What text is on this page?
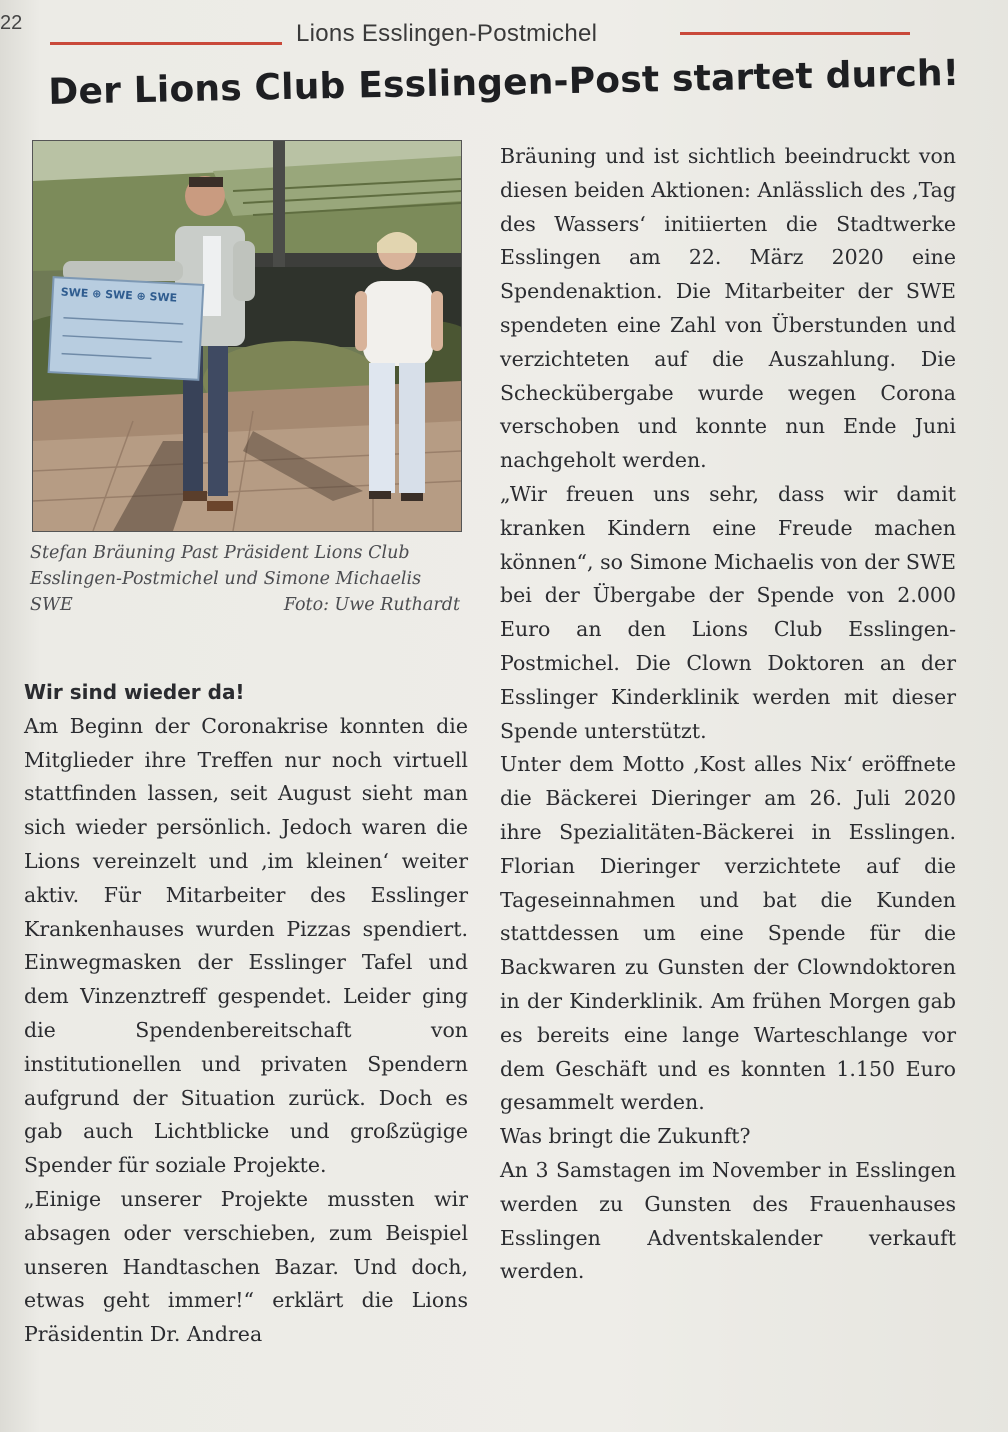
22	Lions Esslingen-Postmichel
Der Lions Club Esslingen-Post startet durch!
SWE ⊕ SWE ⊕ SWE
Stefan Bräuning Past Präsident Lions Club Esslingen-Postmichel und Simone Michaelis SWE	Foto: Uwe Ruthardt

Wir sind wieder da!

Am Beginn der Coronakrise konnten die Mitglieder ihre Treffen nur noch virtuell stattfinden lassen, seit August sieht man sich wieder persönlich. Jedoch waren die Lions vereinzelt und ‚im kleinen‘ weiter aktiv. Für Mitarbeiter des Esslinger Krankenhauses wurden Pizzas spendiert. Einwegmasken der Esslinger Tafel und dem Vinzenztreff gespendet. Leider ging die Spendenbereitschaft von institutionellen und privaten Spendern aufgrund der Situation zurück. Doch es gab auch Lichtblicke und großzügige Spender für soziale Projekte.

„Einige unserer Projekte mussten wir absagen oder verschieben, zum Beispiel unseren Handtaschen Bazar. Und doch, etwas geht immer!“ erklärt die Lions Präsidentin Dr. Andrea

Bräuning und ist sichtlich beeindruckt von diesen beiden Aktionen: Anlässlich des ‚Tag des Wassers‘ initiierten die Stadtwerke Esslingen am 22. März 2020 eine Spendenaktion. Die Mitarbeiter der SWE spendeten eine Zahl von Überstunden und verzichteten auf die Auszahlung. Die Scheckübergabe wurde wegen Corona verschoben und konnte nun Ende Juni nachgeholt werden.

„Wir freuen uns sehr, dass wir damit kranken Kindern eine Freude machen können“, so Simone Michaelis von der SWE bei der Übergabe der Spende von 2.000 Euro an den Lions Club Esslingen-Postmichel. Die Clown Doktoren an der Esslinger Kinderklinik werden mit dieser Spende unterstützt.

Unter dem Motto ‚Kost alles Nix‘ eröffnete die Bäckerei Dieringer am 26. Juli 2020 ihre Spezialitäten-Bäckerei in Esslingen. Florian Dieringer verzichtete auf die Tageseinnahmen und bat die Kunden stattdessen um eine Spende für die Backwaren zu Gunsten der Clowndoktoren in der Kinderklinik. Am frühen Morgen gab es bereits eine lange Warteschlange vor dem Geschäft und es konnten 1.150 Euro gesammelt werden.

Was bringt die Zukunft?

An 3 Samstagen im November in Esslingen werden zu Gunsten des Frauenhauses Esslingen Adventskalender verkauft werden.
